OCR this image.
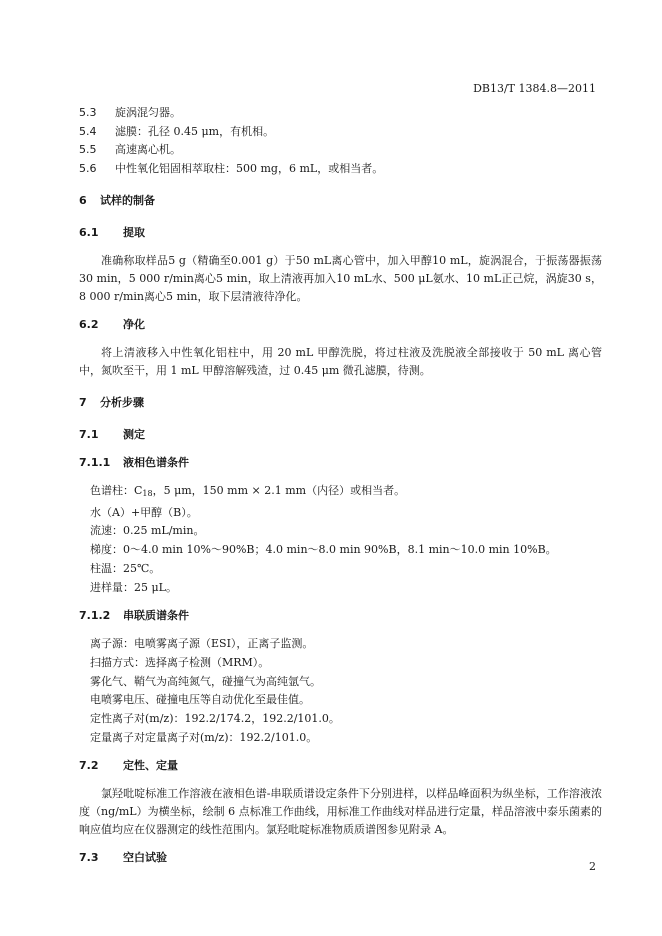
DB13/T 1384.8—2011
5.3	旋涡混匀器。
5.4	滤膜：孔径 0.45 μm，有机相。
5.5	高速离心机。
5.6	中性氧化铝固相萃取柱：500 mg，6 mL，或相当者。
6	试样的制备
6.1	提取
准确称取样品5 g（精确至0.001 g）于50 mL离心管中，加入甲醇10 mL，旋涡混合，于振荡器振荡30 min，5 000 r/min离心5 min，取上清液再加入10 mL水、500 μL氨水、10 mL正己烷，涡旋30 s，8 000 r/min离心5 min，取下层清液待净化。
6.2	净化
将上清液移入中性氧化铝柱中，用 20 mL 甲醇洗脱，将过柱液及洗脱液全部接收于 50 mL 离心管中，氮吹至干，用 1 mL 甲醇溶解残渣，过 0.45 μm 微孔滤膜，待测。
7	分析步骤
7.1	测定
7.1.1	液相色谱条件
色谱柱：$C_{18}$，5 μm，150 mm × 2.1 mm（内径）或相当者。
水（A）+甲醇（B）。
流速：0.25 mL/min。
梯度：0～4.0 min 10%～90%B；4.0 min～8.0 min 90%B，8.1 min～10.0 min 10%B。
柱温：25℃。
进样量：25 μL。
7.1.2	串联质谱条件
离子源：电喷雾离子源（ESI），正离子监测。
扫描方式：选择离子检测（MRM）。
雾化气、鞘气为高纯氮气，碰撞气为高纯氩气。
电喷雾电压、碰撞电压等自动优化至最佳值。
定性离子对(m/z)：192.2/174.2，192.2/101.0。
定量离子对定量离子对(m/z)：192.2/101.0。
7.2	定性、定量
氯羟吡啶标准工作溶液在液相色谱-串联质谱设定条件下分别进样，以样品峰面积为纵坐标，工作溶液浓度（ng/mL）为横坐标，绘制 6 点标准工作曲线，用标准工作曲线对样品进行定量，样品溶液中泰乐菌素的响应值均应在仪器测定的线性范围内。氯羟吡啶标准物质质谱图参见附录 A。
7.3	空白试验
2
